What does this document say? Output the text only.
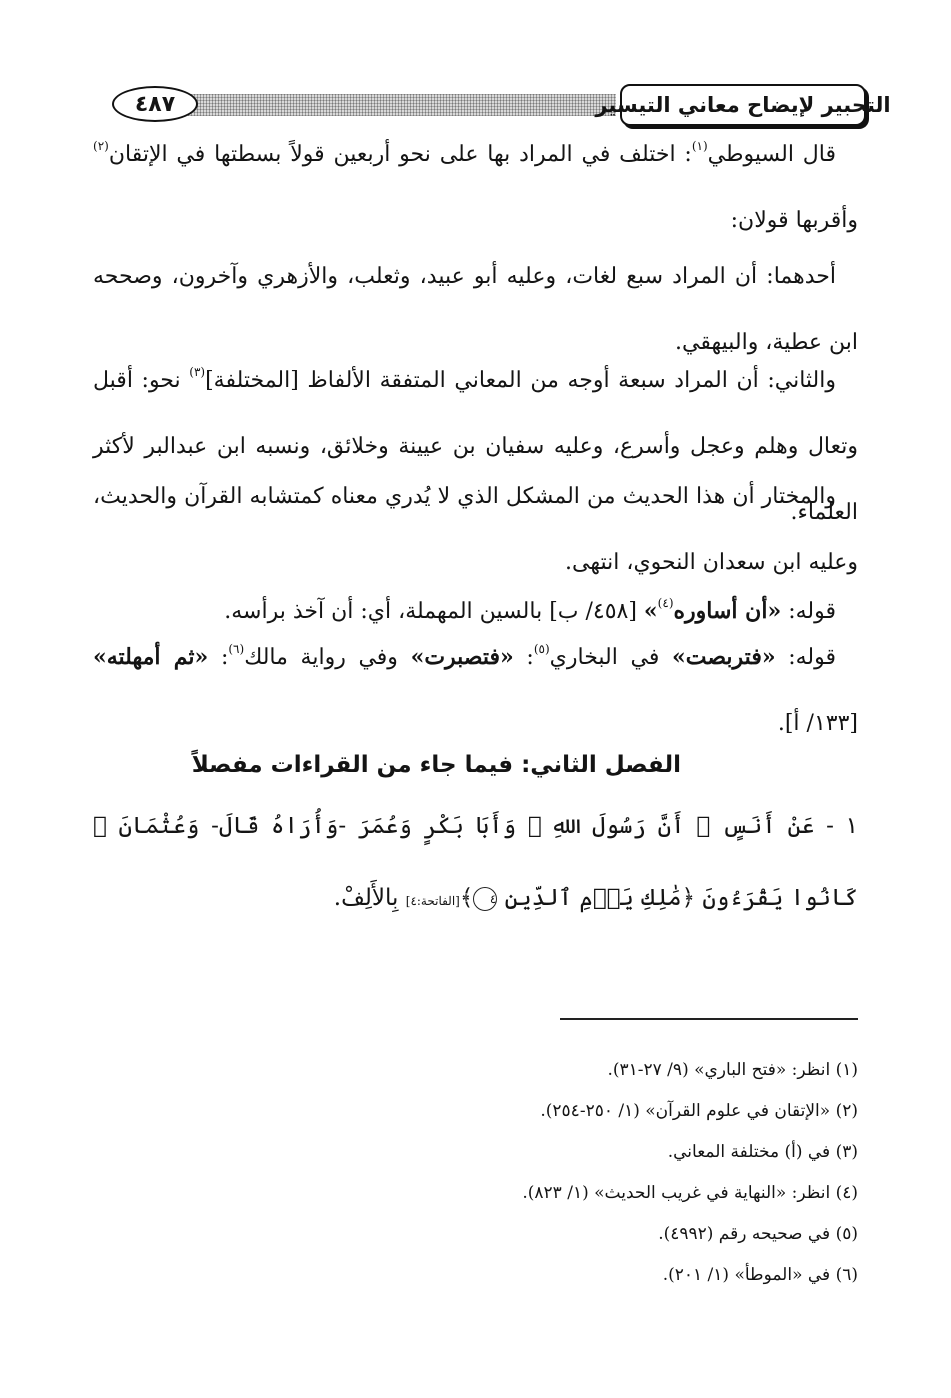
التحبير لإيضاح معاني التيسير
٤٨٧

قال السيوطي$^{(١)}$: اختلف في المراد بها على نحو أربعين قولاً بسطتها في الإتقان$^{(٢)}$ وأقربها قولان:

أحدهما: أن المراد سبع لغات، وعليه أبو عبيد، وثعلب، والأزهري وآخرون، وصححه ابن عطية، والبيهقي.

والثاني: أن المراد سبعة أوجه من المعاني المتفقة الألفاظ [المختلفة]$^{(٣)}$ نحو: أقبل وتعال وهلم وعجل وأسرع، وعليه سفيان بن عيينة وخلائق، ونسبه ابن عبدالبر لأكثر العلماء.

والمختار أن هذا الحديث من المشكل الذي لا يُدري معناه كمتشابه القرآن والحديث، وعليه ابن سعدان النحوي، انتهى.

قوله: «أن أساوره$^{(٤)}$» [٤٥٨/ ب] بالسين المهملة، أي: أن آخذ برأسه.

قوله: «فتربصت» في البخاري$^{(٥)}$: «فتصبرت» وفي رواية مالك$^{(٦)}$: «ثم أمهلته» [١٣٣/ أ].

الفصل الثاني: فيما جاء من القراءات مفصلاً
١ - عَنْ أَنَسٍ ﵁ أَنَّ رَسُولَ اللهِ ﷺ وَأَبَا بَكْرٍ وَعُمَرَ -وَأُرَاهُ قَالَ- وَعُثْمَانَ ﵁ كَانُوا يَقْرَءُونَ ﴿مَٰلِكِ يَوۡمِ ٱلدِّينِ ٤﴾[الفاتحة:٤] بِالأَلِفْ.
(١) انظر: «فتح الباري» (٩/ ٢٧-٣١).
(٢) «الإتقان في علوم القرآن» (١/ ٢٥٠-٢٥٤).
(٣) في (أ) مختلفة المعاني.
(٤) انظر: «النهاية في غريب الحديث» (١/ ٨٢٣).
(٥) في صحيحه رقم (٤٩٩٢).
(٦) في «الموطأ» (١/ ٢٠١).
